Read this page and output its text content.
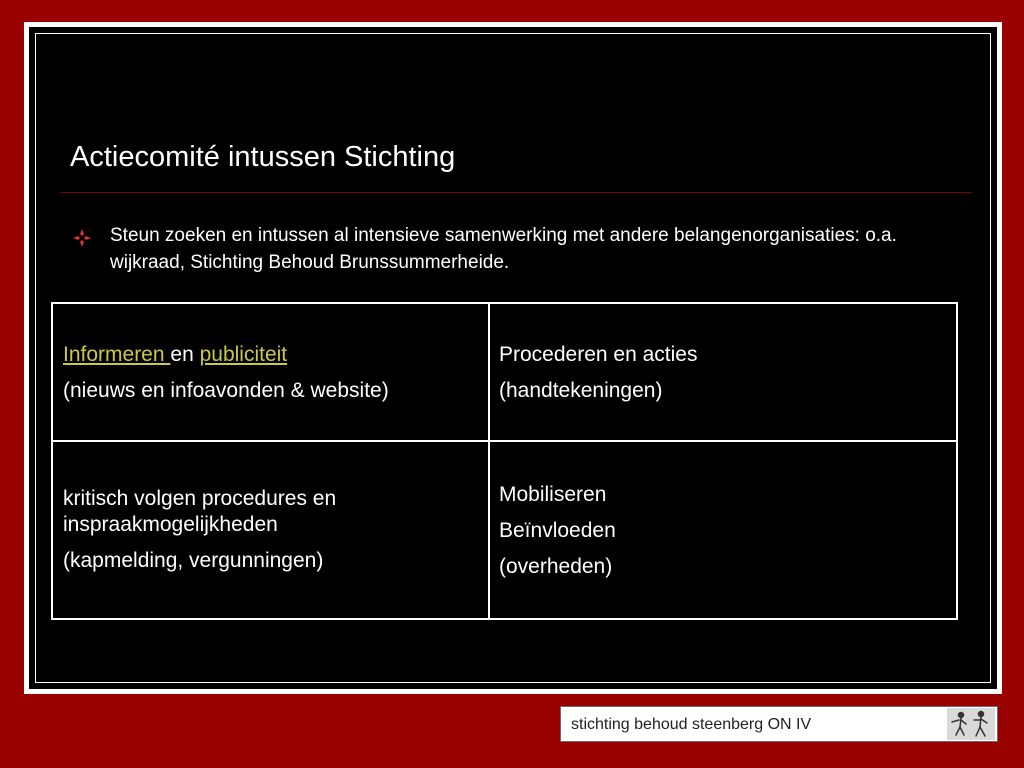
Actiecomité intussen Stichting
Steun zoeken en intussen al intensieve samenwerking met andere belangenorganisaties: o.a. wijkraad, Stichting Behoud Brunssummerheide.
Informeren en publiciteit
(nieuws en infoavonden & website)
Procederen en acties
(handtekeningen)
kritisch volgen procedures en inspraakmogelijkheden
(kapmelding, vergunningen)
Mobiliseren
Beïnvloeden
(overheden)
stichting behoud steenberg ON IV
